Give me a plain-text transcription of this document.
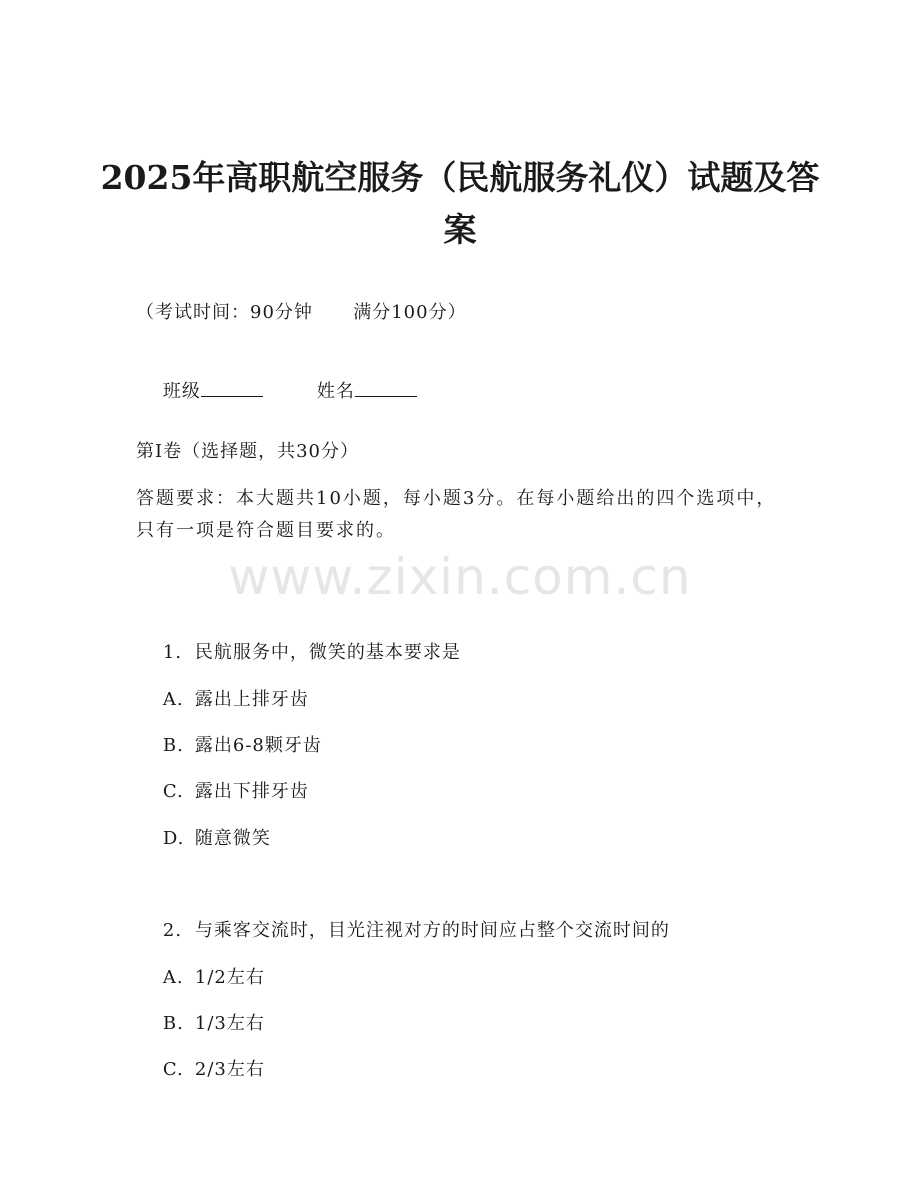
2025年高职航空服务（民航服务礼仪）试题及答案
（考试时间：90分钟      满分100分）

班级	姓名

第I卷（选择题，共30分）

答题要求：本大题共10小题，每小题3分。在每小题给出的四个选项中，只有一项是符合题目要求的。

www.zixin.com.cn

1. 民航服务中，微笑的基本要求是

A. 露出上排牙齿

B. 露出6-8颗牙齿

C. 露出下排牙齿

D. 随意微笑

2. 与乘客交流时，目光注视对方的时间应占整个交流时间的

A. 1/2左右

B. 1/3左右

C. 2/3左右
